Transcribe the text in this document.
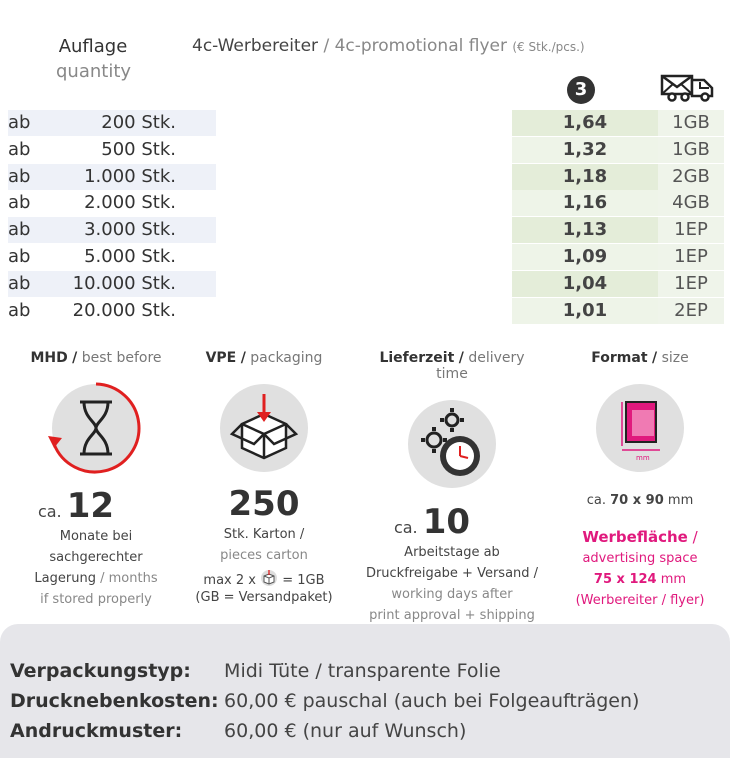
Auflage
quantity
4c-Werbereiter / 4c-promotional flyer (€ Stk./pcs.)
3
ab	200 Stk.	1,64	1GB
ab	500 Stk.	1,32	1GB
ab	1.000 Stk.	1,18	2GB
ab	2.000 Stk.	1,16	4GB
ab	3.000 Stk.	1,13	1EP
ab	5.000 Stk.	1,09	1EP
ab	10.000 Stk.	1,04	1EP
ab	20.000 Stk.	1,01	2EP
MHD / best before
ca. 12
Monate bei
sachgerechter
Lagerung / months
if stored properly
VPE / packaging
250
Stk. Karton /
pieces carton
max 2 x = 1GB
(GB = Versandpaket)
Lieferzeit / delivery time
ca. 10
Arbeitstage ab
Druckfreigabe + Versand /
working days after
print approval + shipping
Format / size
mm
ca. 70 x 90 mm
Werbefläche /
advertising space
75 x 124 mm
(Werbereiter / flyer)
Verpackungstyp: Midi Tüte / transparente Folie
Drucknebenkosten: 60,00 € pauschal (auch bei Folgeaufträgen)
Andruckmuster: 60,00 € (nur auf Wunsch)
